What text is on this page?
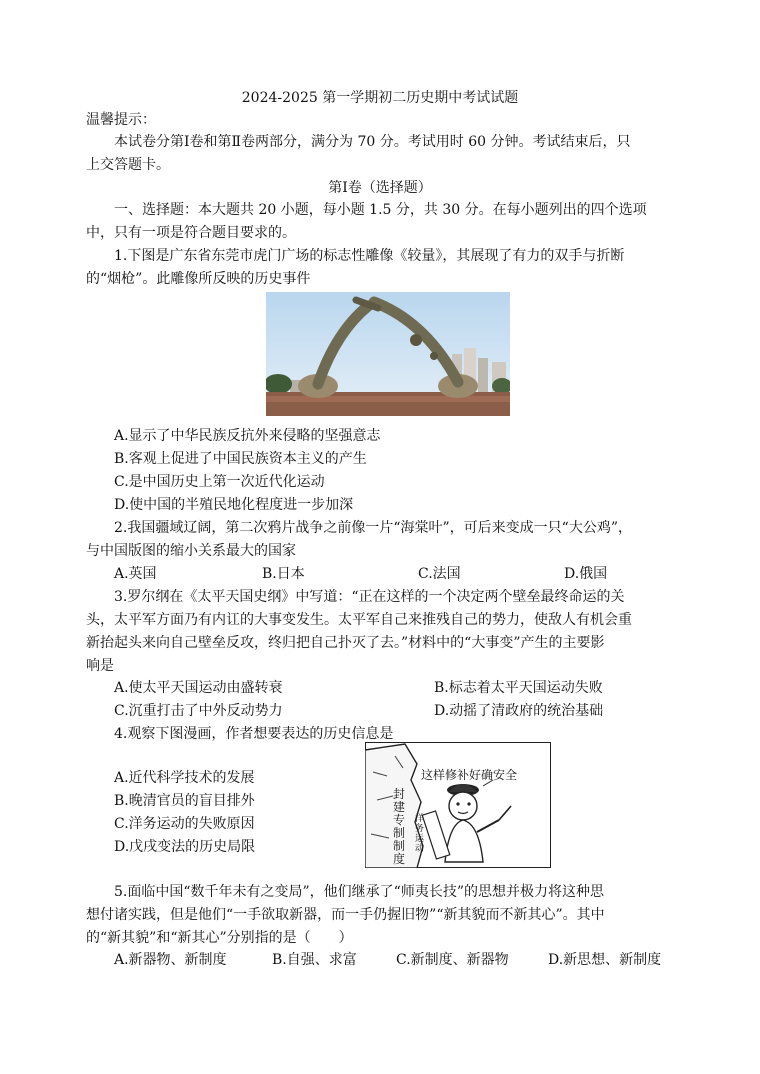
2024-2025 第一学期初二历史期中考试试题
温馨提示：
本试卷分第Ⅰ卷和第Ⅱ卷两部分，满分为 70 分。考试用时 60 分钟。考试结束后，只
上交答题卡。
第Ⅰ卷（选择题）
一、选择题：本大题共 20 小题，每小题 1.5 分，共 30 分。在每小题列出的四个选项
中，只有一项是符合题目要求的。
1.下图是广东省东莞市虎门广场的标志性雕像《较量》，其展现了有力的双手与折断
的“烟枪”。此雕像所反映的历史事件
A.显示了中华民族反抗外来侵略的坚强意志
B.客观上促进了中国民族资本主义的产生
C.是中国历史上第一次近代化运动
D.使中国的半殖民地化程度进一步加深
2.我国疆域辽阔，第二次鸦片战争之前像一片“海棠叶”，可后来变成一只“大公鸡”，
与中国版图的缩小关系最大的国家
A.英国	B.日本	C.法国	D.俄国
3.罗尔纲在《太平天国史纲》中写道：“正在这样的一个决定两个壁垒最终命运的关
头，太平军方面乃有内讧的大事变发生。太平军自己来推残自己的势力，使敌人有机会重
新抬起头来向自己壁垒反攻，终归把自己扑灭了去。”材料中的“大事变”产生的主要影
响是
A.使太平天国运动由盛转衰	B.标志着太平天国运动失败
C.沉重打击了中外反动势力	D.动摇了清政府的统治基础
4.观察下图漫画，作者想要表达的历史信息是
A.近代科学技术的发展
B.晚清官员的盲目排外
C.洋务运动的失败原因
D.戊戌变法的历史局限
这样修补好确安全
封建专制制度
洋务运动
5.面临中国“数千年未有之变局”，他们继承了“师夷长技”的思想并极力将这种思
想付诸实践，但是他们“一手欲取新器，而一手仍握旧物”“新其貌而不新其心”。其中
的“新其貌”和“新其心”分别指的是（　　）
A.新器物、新制度	B.自强、求富	C.新制度、新器物	D.新思想、新制度
